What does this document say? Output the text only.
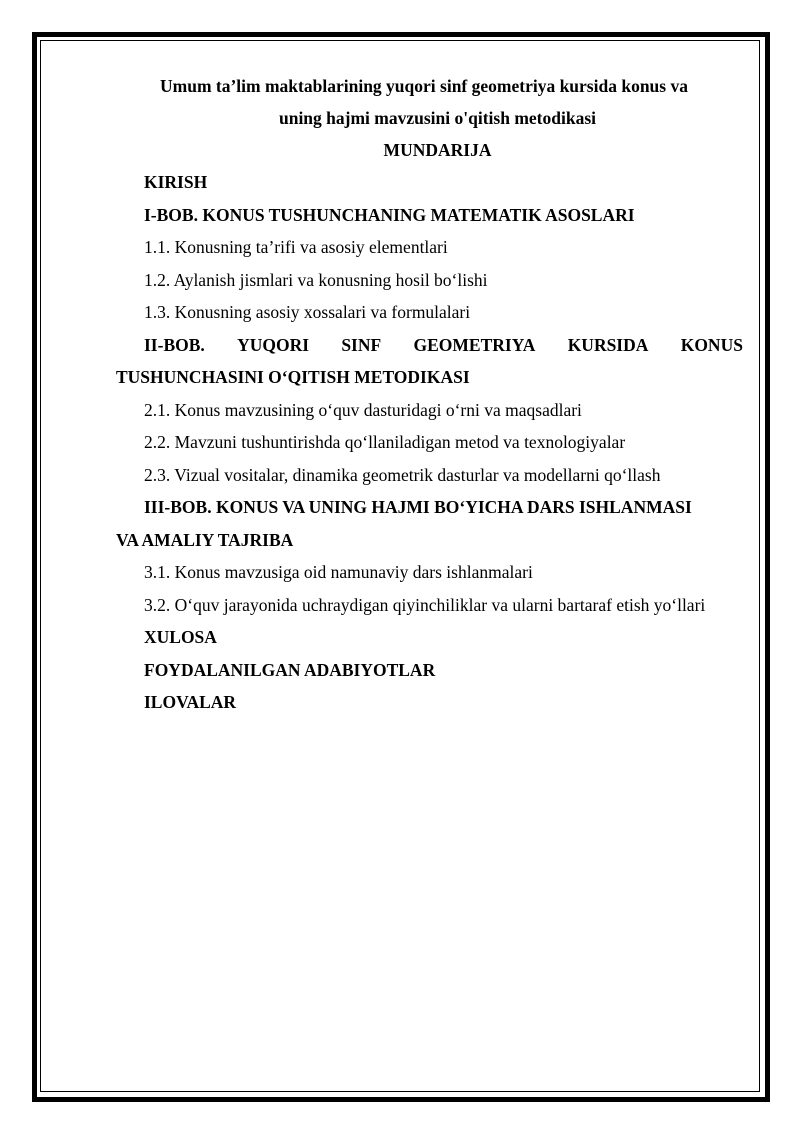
Umum ta’lim maktablarining yuqori sinf geometriya kursida konus va
uning hajmi mavzusini o'qitish metodikasi
MUNDARIJA
KIRISH
I-BOB. KONUS TUSHUNCHANING MATEMATIK ASOSLARI
1.1. Konusning ta’rifi va asosiy elementlari
1.2. Aylanish jismlari va konusning hosil bo‘lishi
1.3. Konusning asosiy xossalari va formulalari
II-BOB. YUQORI SINF GEOMETRIYA KURSIDA KONUS
TUSHUNCHASINI O‘QITISH METODIKASI
2.1. Konus mavzusining o‘quv dasturidagi o‘rni va maqsadlari
2.2. Mavzuni tushuntirishda qo‘llaniladigan metod va texnologiyalar
2.3. Vizual vositalar, dinamika geometrik dasturlar va modellarni qo‘llash
III-BOB. KONUS VA UNING HAJMI BO‘YICHA DARS ISHLANMASI
VA AMALIY TAJRIBA
3.1. Konus mavzusiga oid namunaviy dars ishlanmalari
3.2. O‘quv jarayonida uchraydigan qiyinchiliklar va ularni bartaraf etish yo‘llari
XULOSA
FOYDALANILGAN ADABIYOTLAR
ILOVALAR
